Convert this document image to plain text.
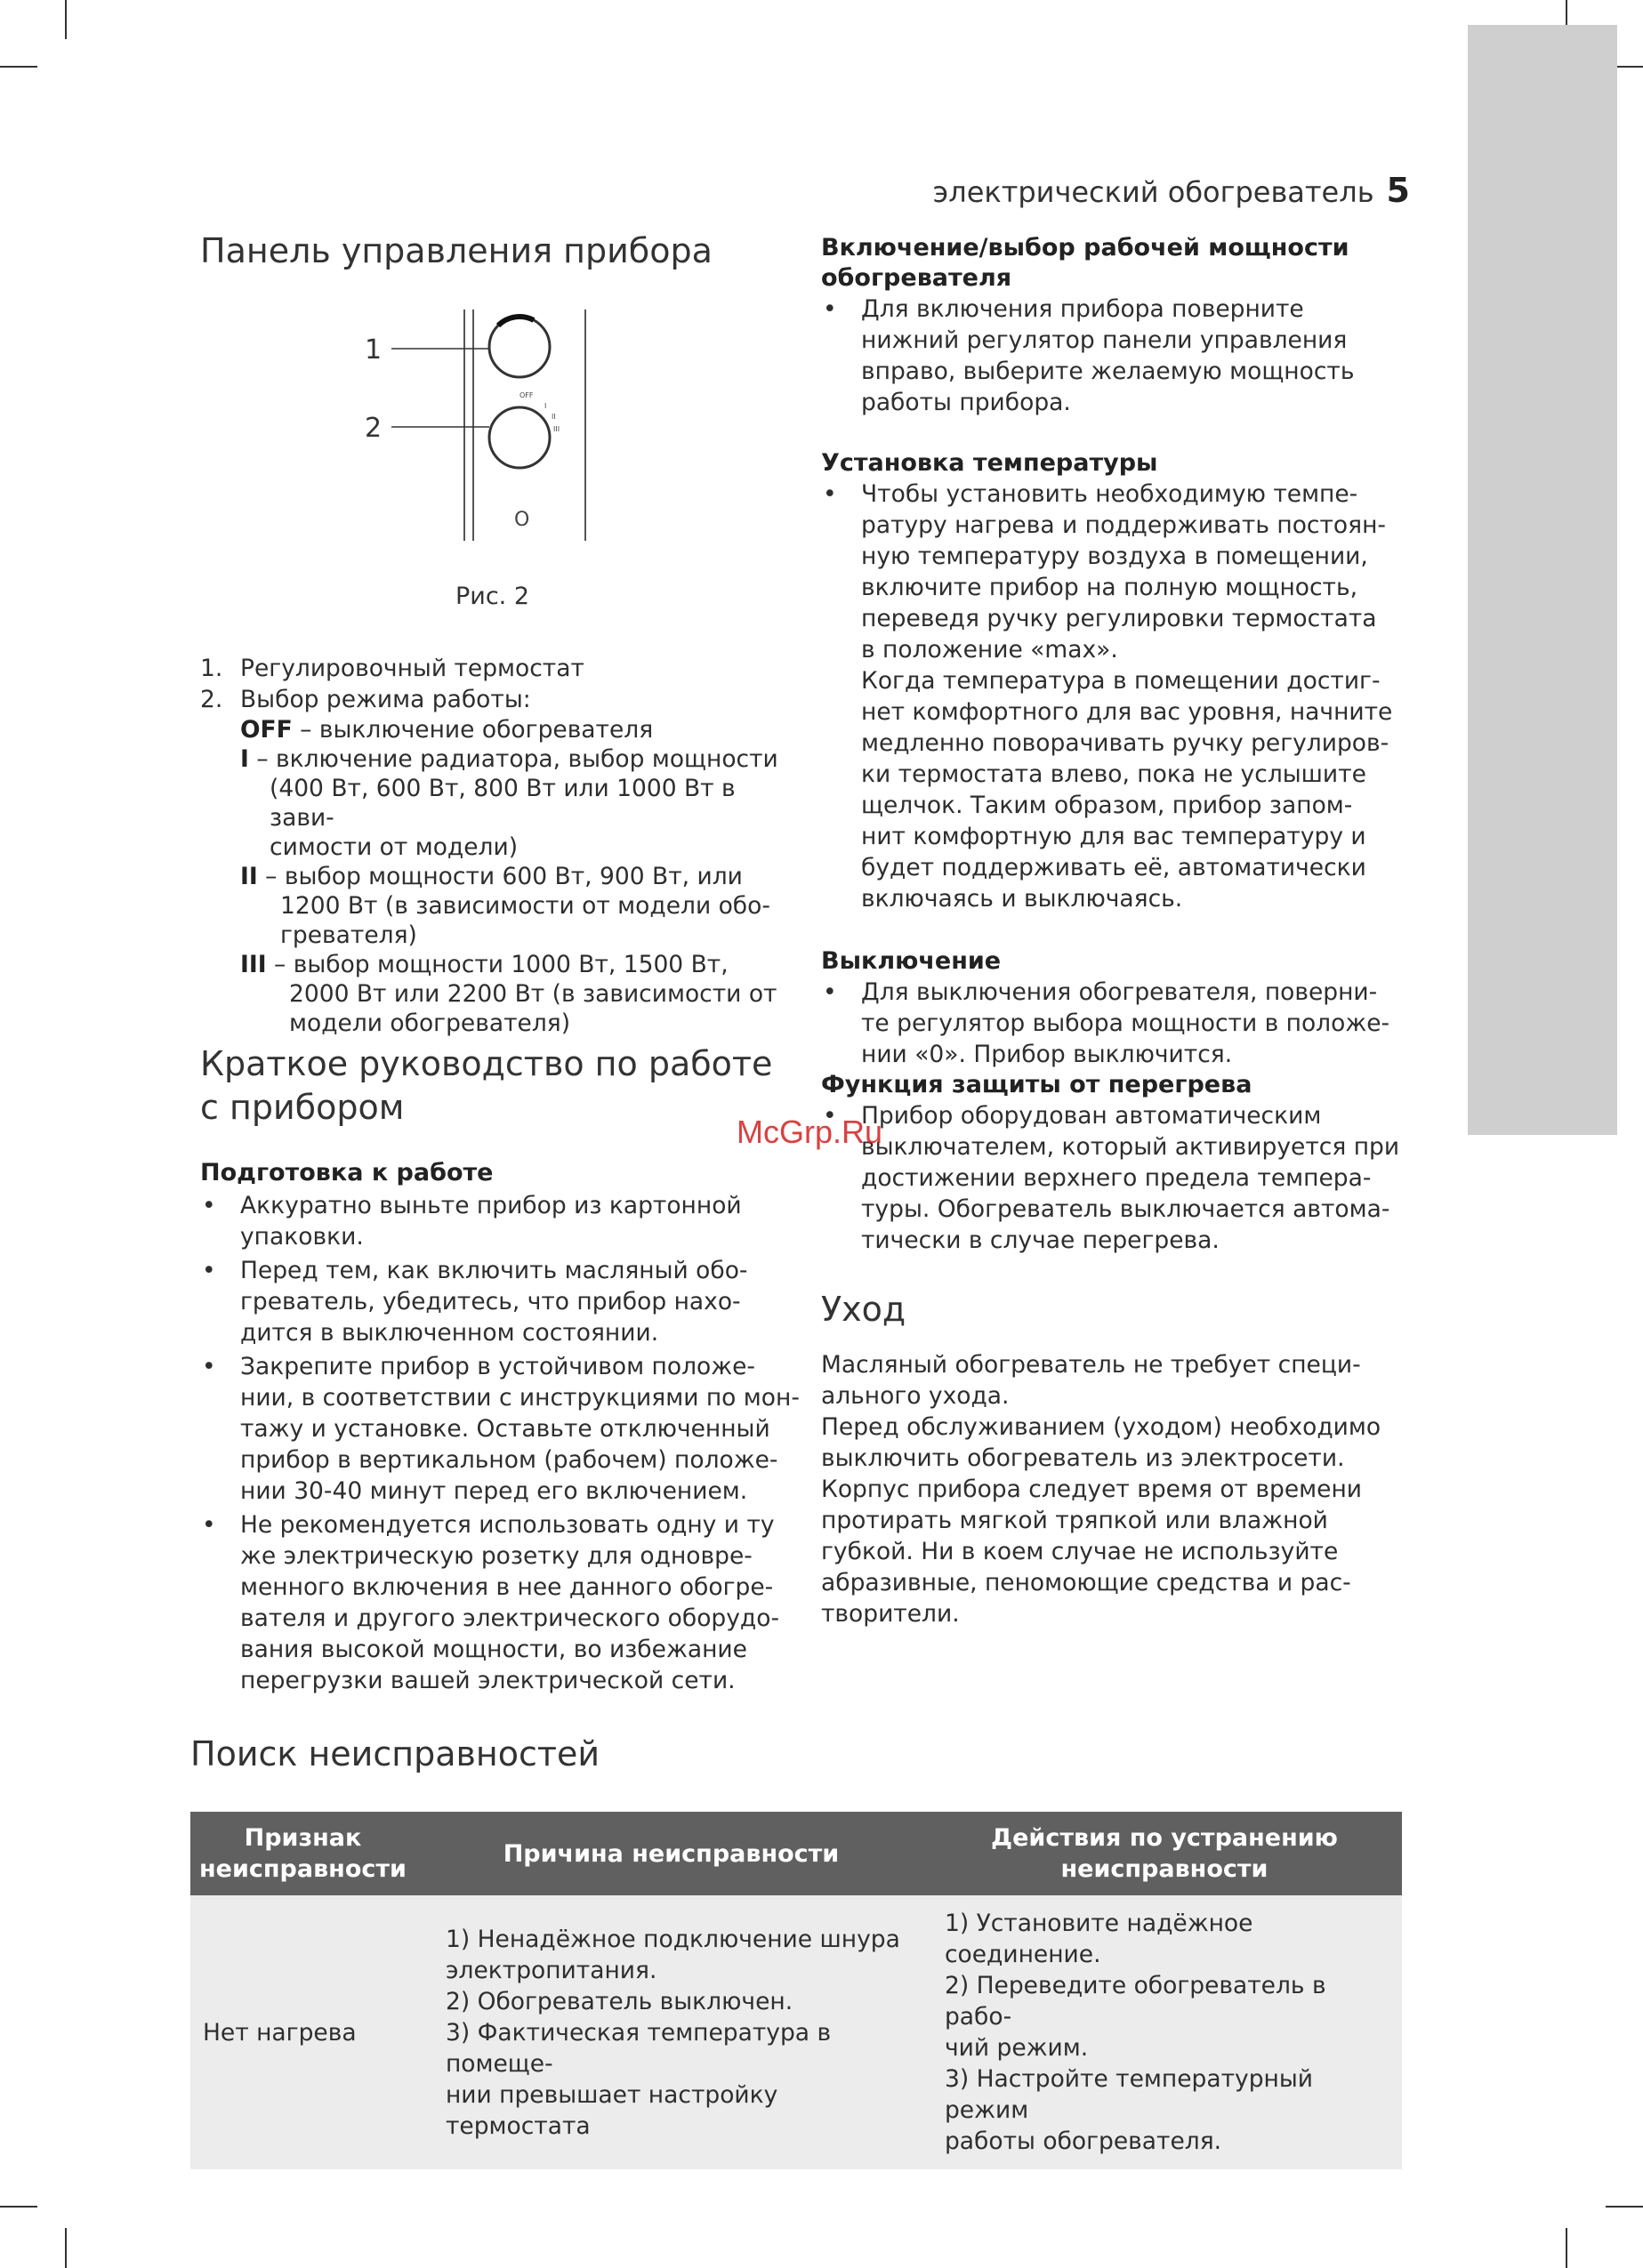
электрический обогреватель 5
Панель управления прибора
1
2
OFF
I
II
III
O
Рис. 2
1. Регулировочный термостат
2. Выбор режима работы:
OFF – выключение обогревателя
I – включение радиатора, выбор мощности
(400 Вт, 600 Вт, 800 Вт или 1000 Вт в зави-
симости от модели)
II – выбор мощности 600 Вт, 900 Вт, или
1200 Вт (в зависимости от модели обо-
гревателя)
III – выбор мощности 1000 Вт, 1500 Вт,
2000 Вт или 2200 Вт (в зависимости от
модели обогревателя)
Краткое руководство по работе
с прибором
Подготовка к работе
• Аккуратно выньте прибор из картонной
упаковки.
• Перед тем, как включить масляный обо-
греватель, убедитесь, что прибор нахо-
дится в выключенном состоянии.
• Закрепите прибор в устойчивом положе-
нии, в соответствии с инструкциями по мон-
тажу и установке. Оставьте отключенный
прибор в вертикальном (рабочем) положе-
нии 30-40 минут перед его включением.
• Не рекомендуется использовать одну и ту
же электрическую розетку для одновре-
менного включения в нее данного обогре-
вателя и другого электрического оборудо-
вания высокой мощности, во избежание
перегрузки вашей электрической сети.
Включение/выбор рабочей мощности
обогревателя
• Для включения прибора поверните
нижний регулятор панели управления
вправо, выберите желаемую мощность
работы прибора.
Установка температуры
• Чтобы установить необходимую темпе-
ратуру нагрева и поддерживать постоян-
ную температуру воздуха в помещении,
включите прибор на полную мощность,
переведя ручку регулировки термостата
в положение «max».
Когда температура в помещении достиг-
нет комфортного для вас уровня, начните
медленно поворачивать ручку регулиров-
ки термостата влево, пока не услышите
щелчок. Таким образом, прибор запом-
нит комфортную для вас температуру и
будет поддерживать её, автоматически
включаясь и выключаясь.
Выключение
• Для выключения обогревателя, поверни-
те регулятор выбора мощности в положе-
нии «0». Прибор выключится.
Функция защиты от перегрева
• Прибор оборудован автоматическим
выключателем, который активируется при
достижении верхнего предела темпера-
туры. Обогреватель выключается автома-
тически в случае перегрева.
Уход
Масляный обогреватель не требует специ-
ального ухода.
Перед обслуживанием (уходом) необходимо
выключить обогреватель из электросети.
Корпус прибора следует время от времени
протирать мягкой тряпкой или влажной
губкой. Ни в коем случае не используйте
абразивные, пеномоющие средства и рас-
творители.
McGrp.Ru
Поиск неисправностей
Признак
неисправности	Причина неисправности	Действия по устранению
неисправности

Нет нагрева	1) Ненадёжное подключение шнура
электропитания.
2) Обогреватель выключен.
3) Фактическая температура в помеще-
нии превышает настройку термостата	1) Установите надёжное соединение.
2) Переведите обогреватель в рабо-
чий режим.
3) Настройте температурный режим
работы обогревателя.
